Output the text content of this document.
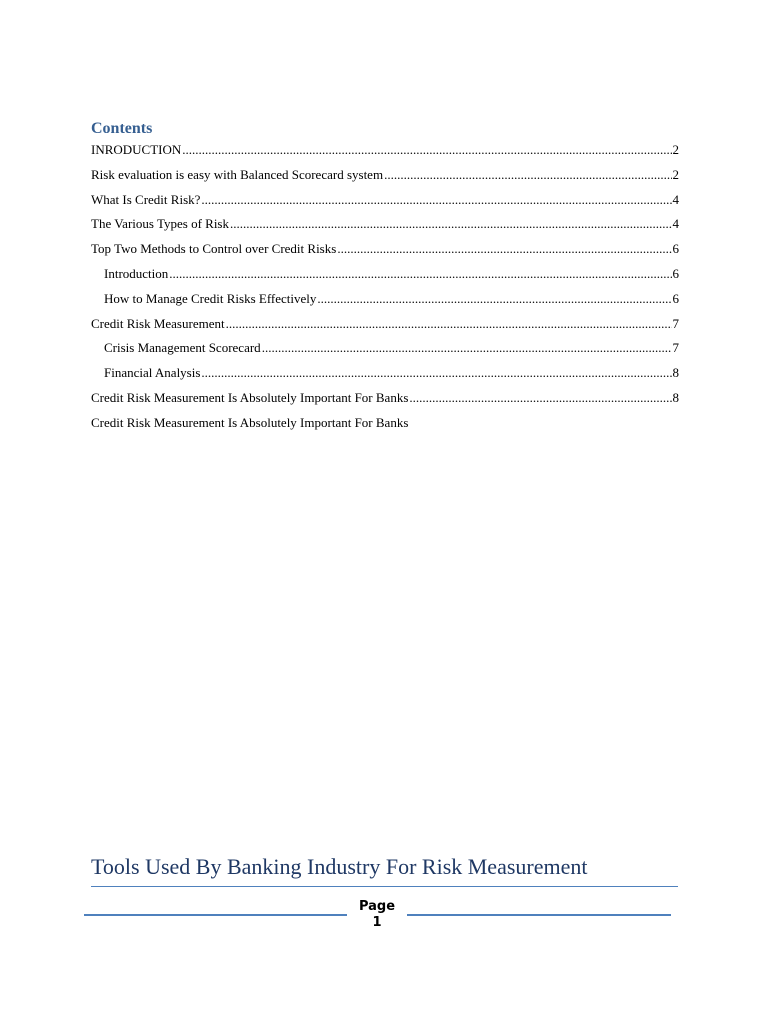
Contents
INRODUCTION .....	2
Risk evaluation is easy with Balanced Scorecard system .....	2
What Is Credit Risk? .....	4
The Various Types of Risk .....	4
Top Two Methods to Control over Credit Risks .....	6
Introduction .....	6
How to Manage Credit Risks Effectively .....	6
Credit Risk Measurement .....	7
Crisis Management Scorecard .....	7
Financial Analysis .....	8
Credit Risk Measurement Is Absolutely Important For Banks .....	8
Credit Risk Measurement Is Absolutely Important For Banks
Tools Used By Banking Industry For Risk Measurement
Page
1
